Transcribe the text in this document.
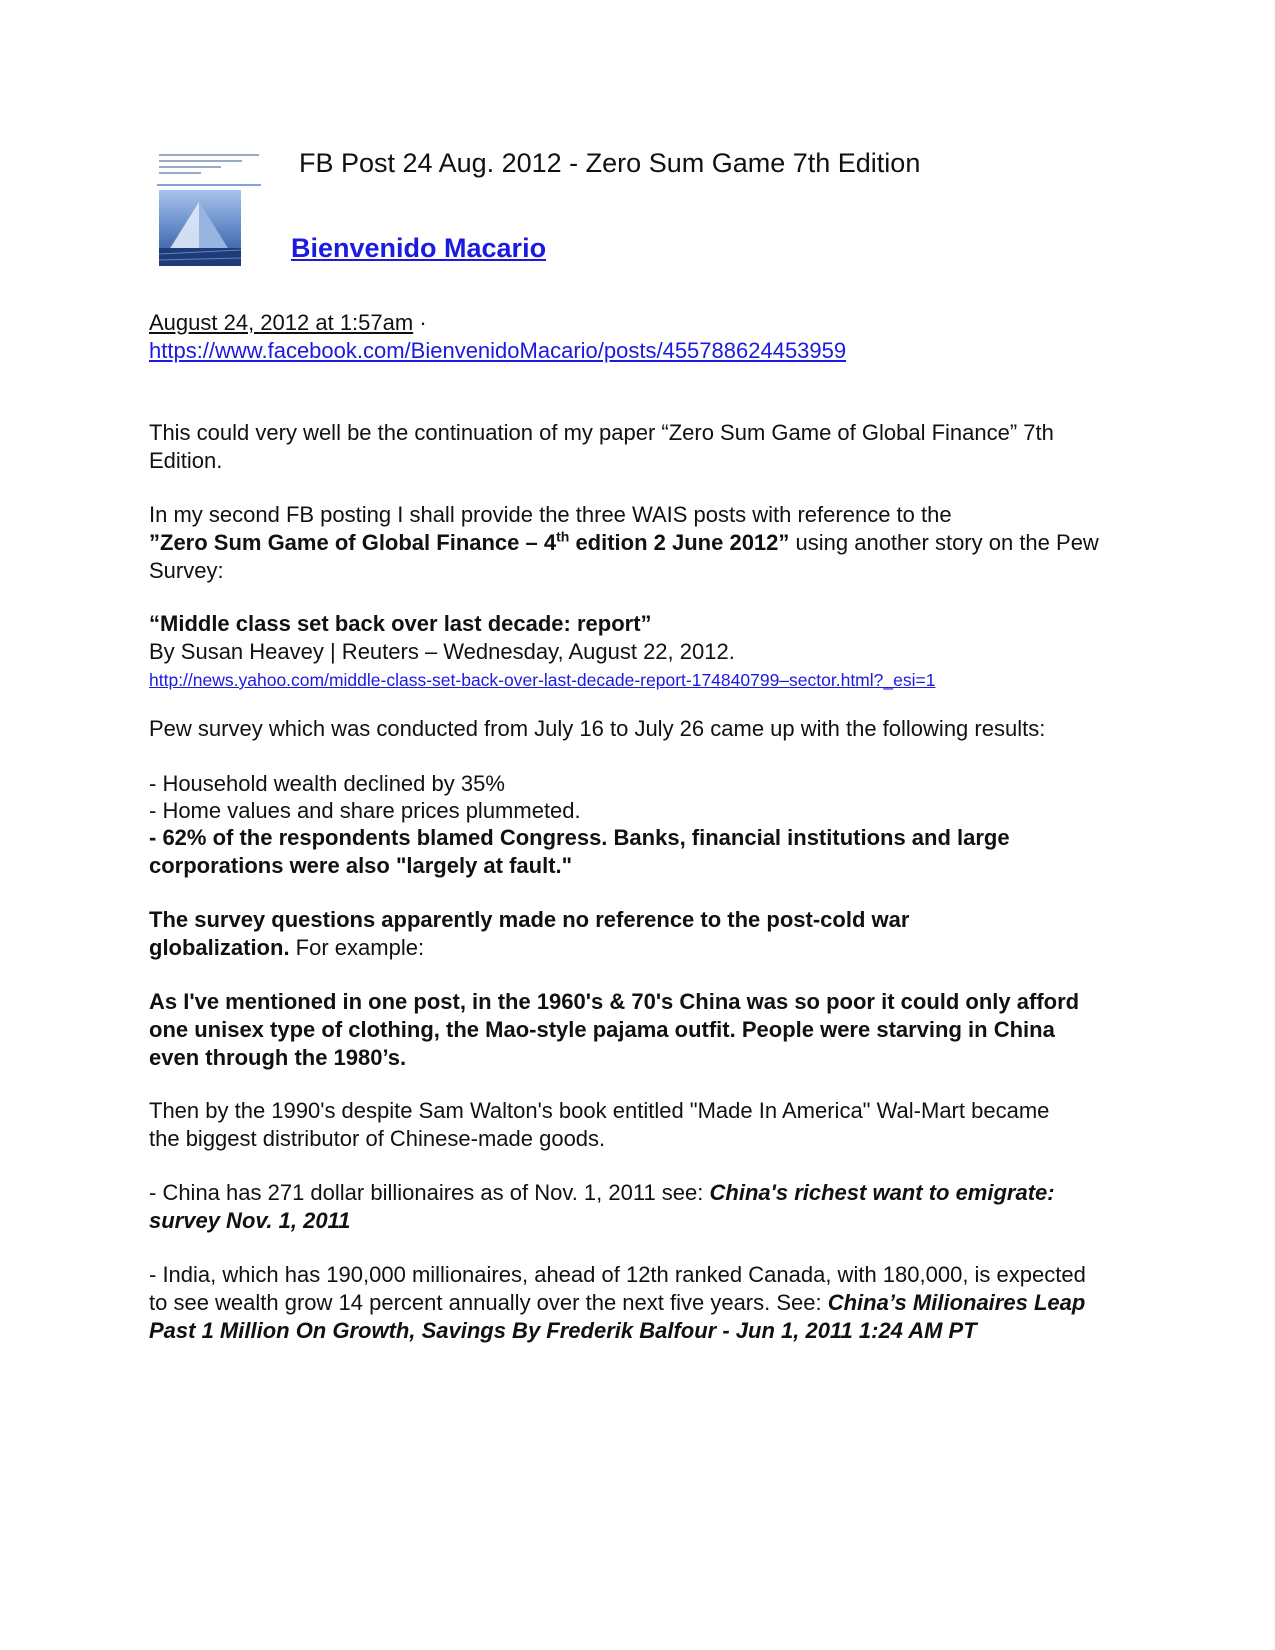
FB Post 24 Aug. 2012 - Zero Sum Game 7th Edition
Bienvenido Macario
August 24, 2012 at 1:57am ·
https://www.facebook.com/BienvenidoMacario/posts/455788624453959
This could very well be the continuation of my paper “Zero Sum Game of Global Finance” 7th Edition.
In my second FB posting I shall provide the three WAIS posts with reference to the
”Zero Sum Game of Global Finance – 4th edition 2 June 2012” using another story on the Pew Survey:
“Middle class set back over last decade: report”
By Susan Heavey | Reuters – Wednesday, August 22, 2012.
http://news.yahoo.com/middle-class-set-back-over-last-decade-report-174840799–sector.html?_esi=1
Pew survey which was conducted from July 16 to July 26 came up with the following results:
- Household wealth declined by 35%
- Home values and share prices plummeted.
- 62% of the respondents blamed Congress. Banks, financial institutions and large corporations were also "largely at fault."
The survey questions apparently made no reference to the post-cold war globalization. For example:
As I've mentioned in one post, in the 1960's & 70's China was so poor it could only afford one unisex type of clothing, the Mao-style pajama outfit. People were starving in China even through the 1980’s.
Then by the 1990's despite Sam Walton's book entitled "Made In America" Wal-Mart became the biggest distributor of Chinese-made goods.
- China has 271 dollar billionaires as of Nov. 1, 2011 see: China's richest want to emigrate: survey Nov. 1, 2011
- India, which has 190,000 millionaires, ahead of 12th ranked Canada, with 180,000, is expected to see wealth grow 14 percent annually over the next five years. See: China’s Milionaires Leap Past 1 Million On Growth, Savings By Frederik Balfour - Jun 1, 2011 1:24 AM PT
